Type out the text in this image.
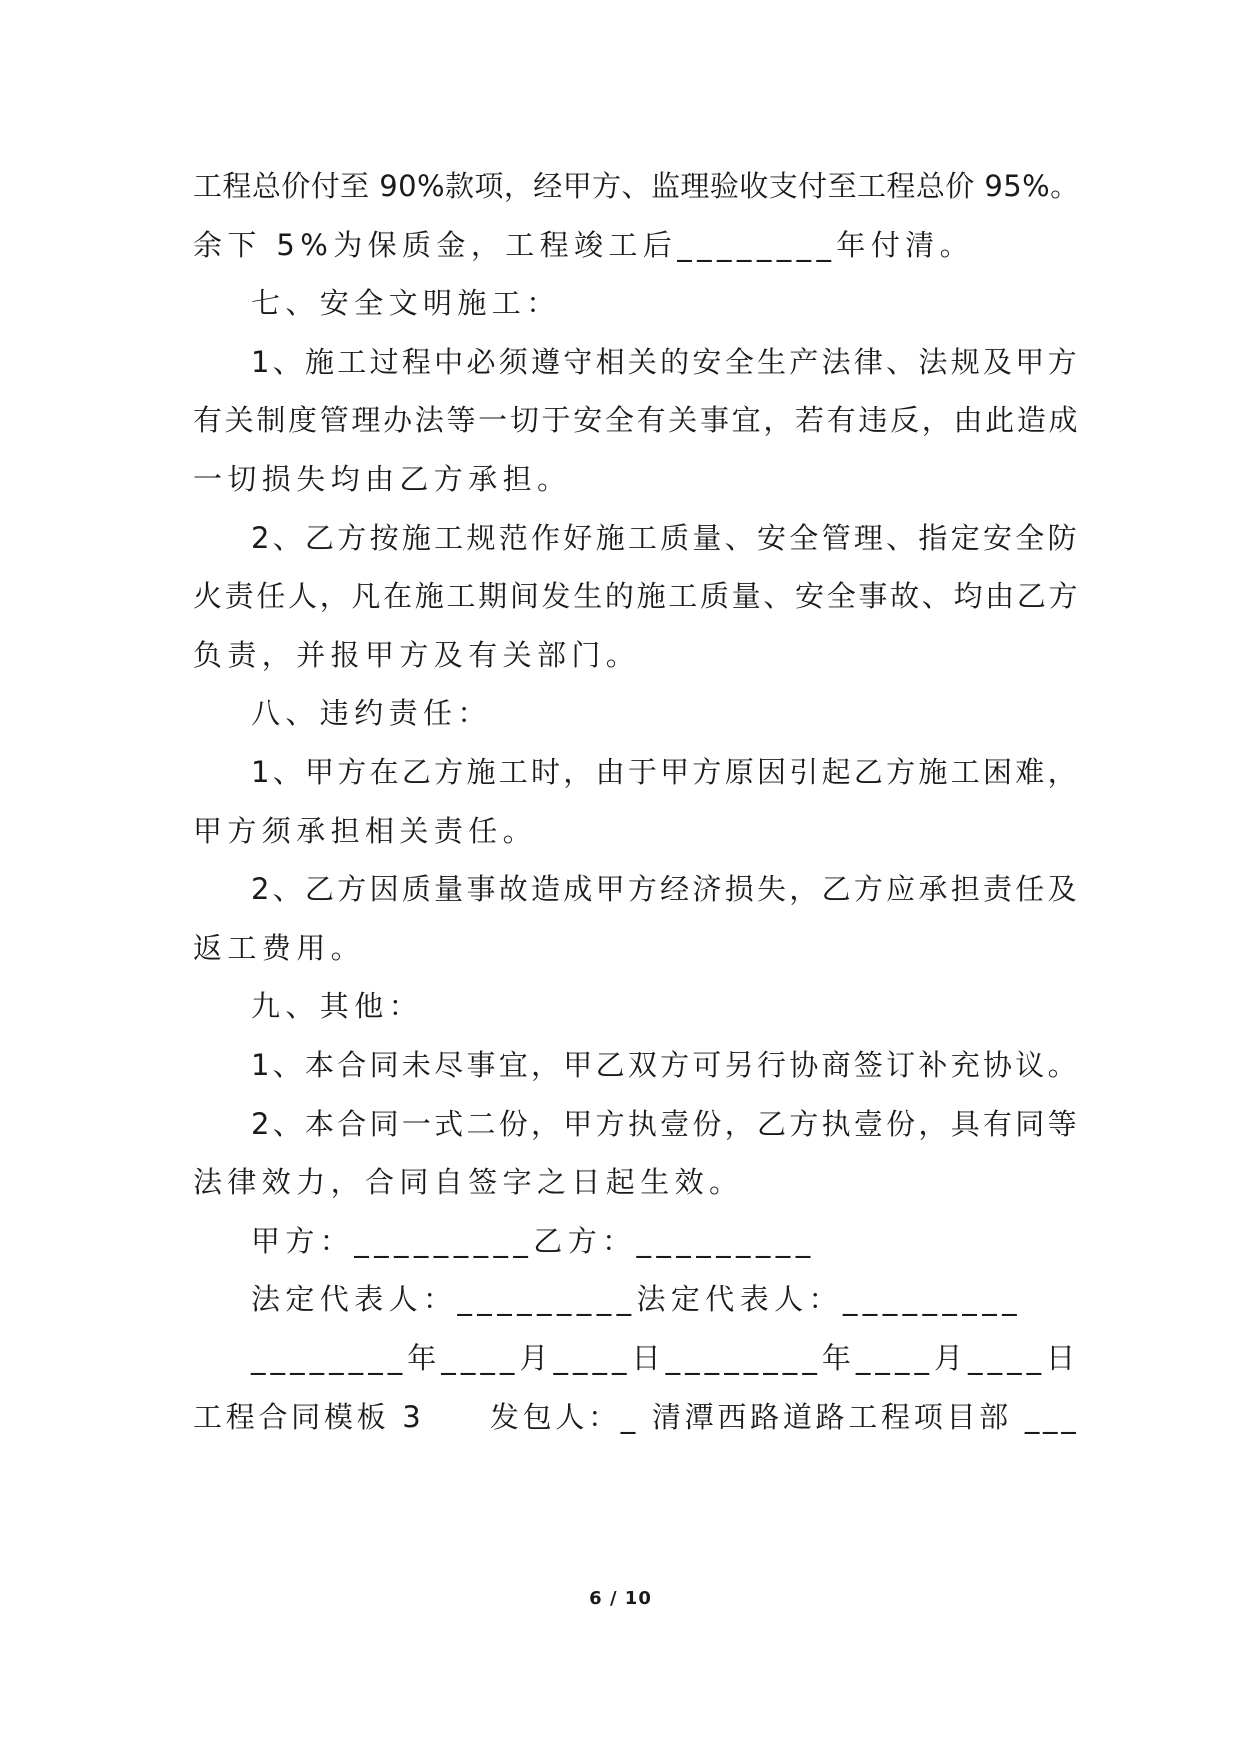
工程总价付至 90%款项，经甲方、监理验收支付至工程总价 95%。
余下 5%为保质金，工程竣工后________年付清。
七、安全文明施工：
1、施工过程中必须遵守相关的安全生产法律、法规及甲方
有关制度管理办法等一切于安全有关事宜，若有违反，由此造成
一切损失均由乙方承担。
2、乙方按施工规范作好施工质量、安全管理、指定安全防
火责任人，凡在施工期间发生的施工质量、安全事故、均由乙方
负责，并报甲方及有关部门。
八、违约责任：
1、甲方在乙方施工时，由于甲方原因引起乙方施工困难，
甲方须承担相关责任。
2、乙方因质量事故造成甲方经济损失，乙方应承担责任及
返工费用。
九、其他：
1、本合同未尽事宜，甲乙双方可另行协商签订补充协议。
2、本合同一式二份，甲方执壹份，乙方执壹份，具有同等
法律效力，合同自签字之日起生效。
甲方：_________乙方：_________
法定代表人：_________法定代表人：_________
________年____月____日________年____月____日
工程合同模板 3　　发包人：_ 清潭西路道路工程项目部 ___
6 / 10
